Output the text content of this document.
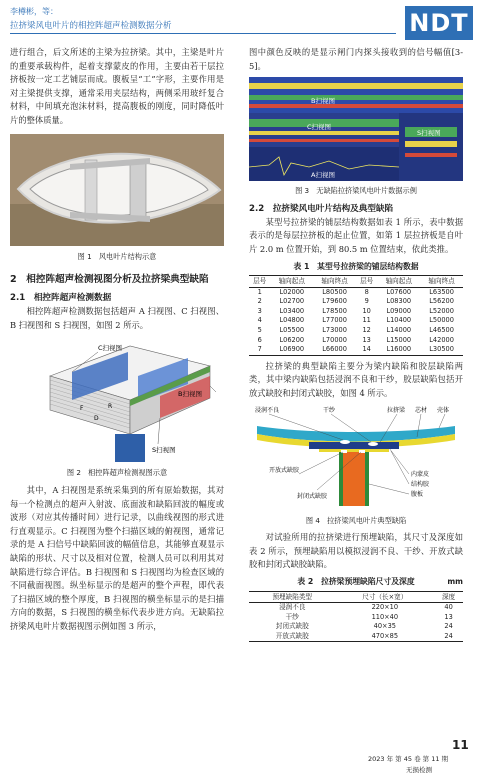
李樽彬，等：
拉挤梁风电叶片的相控阵超声检测数据分析	NDT

进行组合，后文所述的主梁为拉挤梁。其中，主梁是叶片的重要承载构件，起着支撑蒙皮的作用，主要由若干层拉挤板按一定工艺铺层而成。腹板呈“工”字形，主要作用是对主梁提供支撑，通常采用夹层结构，两侧采用玻纤复合材料，中间填充泡沫材料，提高腹板的刚度，同时降低叶片的整体质量。

图 1　风电叶片结构示意
2　相控阵超声检测视图分析及拉挤梁典型缺陷
2.1　相控阵超声检测数据

相控阵超声检测数据包括超声 A 扫视图、C 扫视图、B 扫视图和 S 扫视图，如图 2 所示。

C扫视图
B扫视图
S扫视图
F
D
R
图 2　相控阵超声检测视图示意

其中，A 扫视图是系统采集到的所有原始数据，其对每一个检测点的超声入射波、底面波和缺陷回波的幅度或波形（对应其传播时间）进行记录，以曲线视图的形式进行直观显示。C 扫视图为整个扫描区域的俯视图，通常记录的是 A 扫信号中缺陷回波的幅值信息，其能够直观显示缺陷的形状、尺寸以及相对位置，检测人员可以利用其对缺陷进行综合评估。B 扫视图和 S 扫视图均为检查区域的不同截面视图。纵坐标显示的是超声的整个声程，即代表了扫描区域的整个厚度，B 扫视图的横坐标显示的是扫描方向的数据，S 扫视图的横坐标代表步进方向。无缺陷拉挤梁风电叶片数据视图示例如图 3 所示，

图中颜色反映的是显示闸门内探头接收到的信号幅值[3-5]。

C扫视图
B扫视图
S扫视图
A扫视图
图 3　无缺陷拉挤梁风电叶片数据示例
2.2　拉挤梁风电叶片结构及典型缺陷

某型号拉挤梁的铺层结构数据如表 1 所示，表中数据表示的是每层拉挤板的起止位置，如第 1 层拉挤板是自叶片 2.0 m 位置开始，到 80.5 m 位置结束，依此类推。

表 1　某型号拉挤梁的铺层结构数据
层号	轴向起点	轴向终点	层号	轴向起点	轴向终点
1	L02000	L80500	8	L07600	L63500
2	L02700	L79600	9	L08300	L56200
3	L03400	L78500	10	L09000	L52000
4	L04800	L77000	11	L10400	L50000
5	L05500	L73000	12	L14000	L46500
6	L06200	L70000	13	L15000	L42000
7	L06900	L66000	14	L16000	L30500

拉挤梁的典型缺陷主要分为梁内缺陷和胶层缺陷两类，其中梁内缺陷包括浸润不良和干纱，胶层缺陷包括开放式缺胶和封闭式缺胶，如图 4 所示。

浸润不良	干纱	拉挤梁 芯材 壳体
开放式缺胶
封闭式缺胶
内蒙皮
结构胶
腹板
图 4　拉挤梁风电叶片典型缺陷

对试验所用的拉挤梁进行预埋缺陷，其尺寸及深度如表 2 所示，预埋缺陷用以模拟浸润不良、干纱、开放式缺胶和封闭式缺胶缺陷。

表 2　拉挤梁预埋缺陷尺寸及深度	mm
预埋缺陷类型	尺寸（长×宽）	深度
浸润不良	220×10	40
干纱	110×40	13
封闭式缺胶	40×35	24
开放式缺胶	470×85	24
11
2023 年 第 45 卷 第 11 期
无损检测
